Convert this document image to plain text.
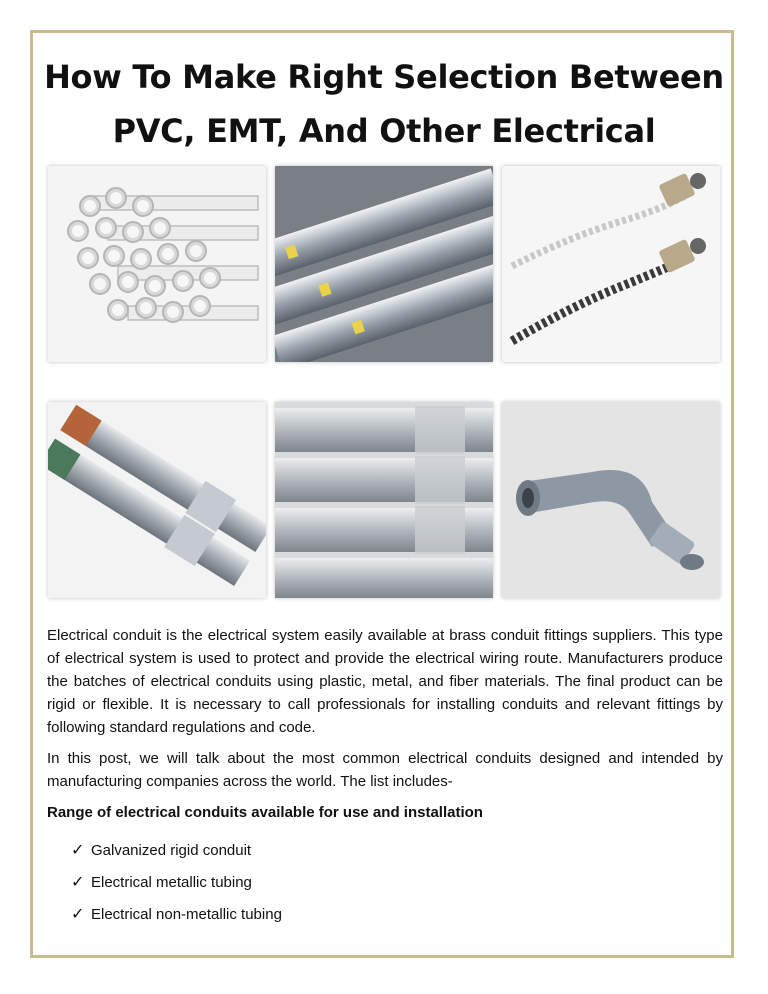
How To Make Right Selection Between
PVC, EMT, And Other Electrical

Electrical conduit is the electrical system easily available at brass conduit fittings suppliers. This type of electrical system is used to protect and provide the electrical wiring route. Manufacturers produce the batches of electrical conduits using plastic, metal, and fiber materials. The final product can be rigid or flexible. It is necessary to call professionals for installing conduits and relevant fittings by following standard regulations and code.

In this post, we will talk about the most common electrical conduits designed and intended by manufacturing companies across the world. The list includes-

Range of electrical conduits available for use and installation

✓ Galvanized rigid conduit
✓ Electrical metallic tubing
✓ Electrical non-metallic tubing
